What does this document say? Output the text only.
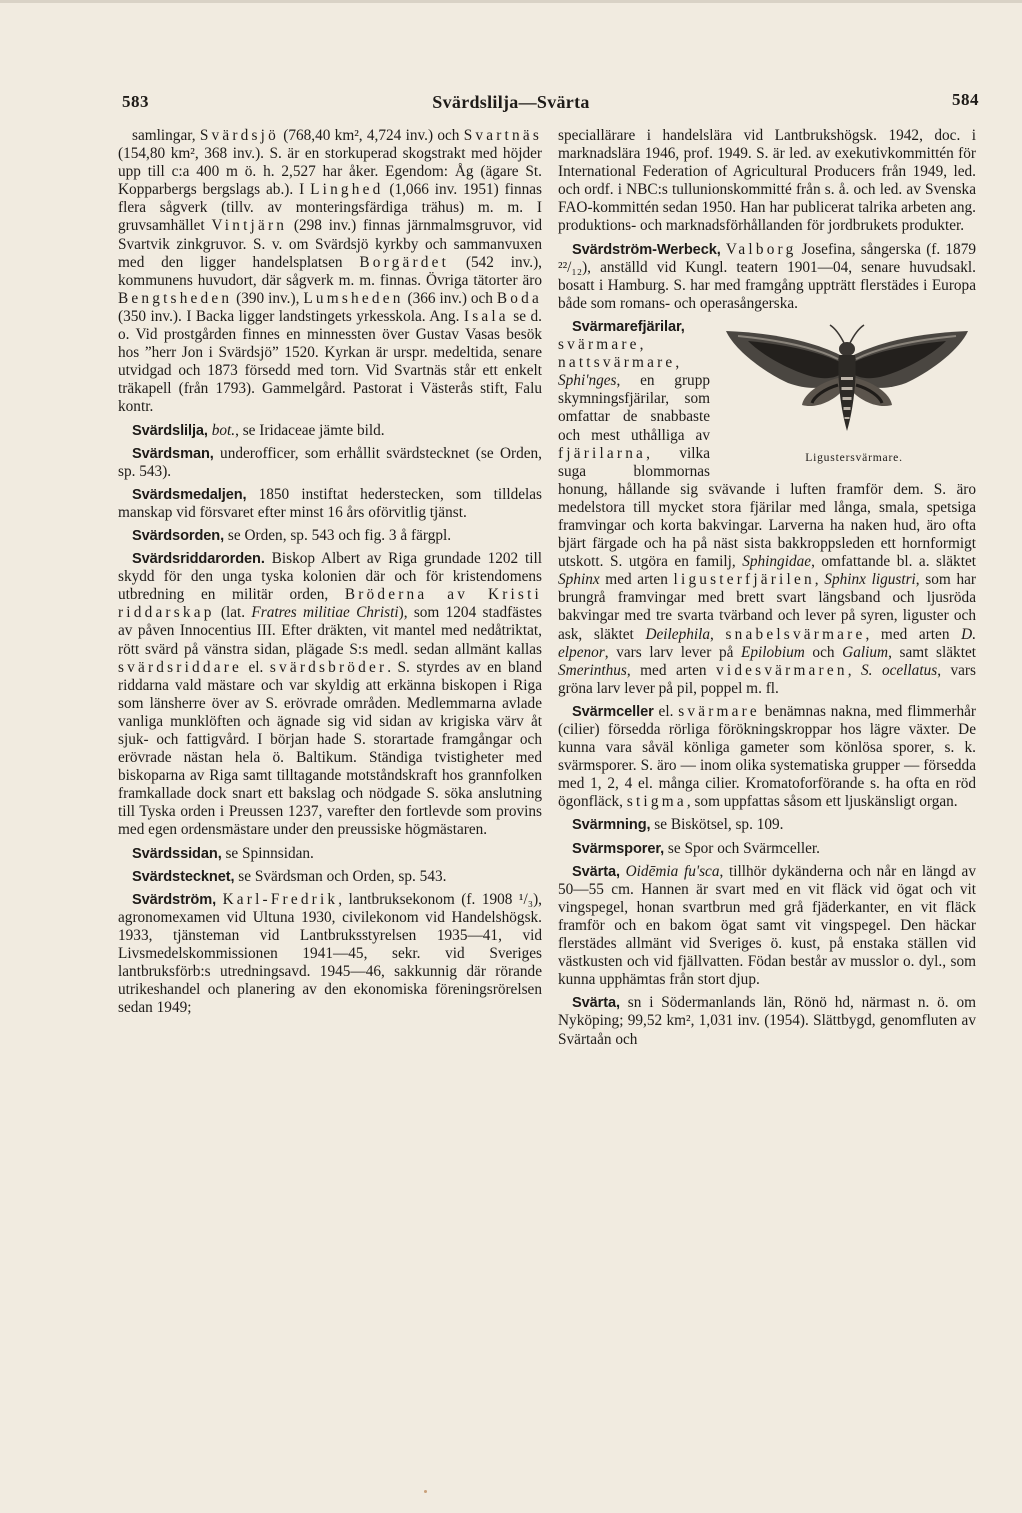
583	Svärdslilja—Svärta	584

samlingar, Svärdsjö (768,40 km², 4,724 inv.) och Svartnäs (154,80 km², 368 inv.). S. är en storkuperad skogstrakt med höjder upp till c:a 400 m ö. h. 2,527 har åker. Egendom: Åg (ägare St. Kopparbergs bergslags ab.). I Linghed (1,066 inv. 1951) finnas flera sågverk (tillv. av monteringsfärdiga trähus) m. m. I gruvsamhället Vintjärn (298 inv.) finnas järnmalmsgruvor, vid Svartvik zinkgruvor. S. v. om Svärdsjö kyrkby och sammanvuxen med den ligger handelsplatsen Borgärdet (542 inv.), kommunens huvudort, där sågverk m. m. finnas. Övriga tätorter äro Bengtsheden (390 inv.), Lumsheden (366 inv.) och Boda (350 inv.). I Backa ligger landstingets yrkesskola. Ang. Isala se d. o. Vid prostgården finnes en minnessten över Gustav Vasas besök hos ”herr Jon i Svärdsjö” 1520. Kyrkan är urspr. medeltida, senare utvidgad och 1873 försedd med torn. Vid Svartnäs står ett enkelt träkapell (från 1793). Gammelgård. Pastorat i Västerås stift, Falu kontr.

Svärdslilja, bot., se Iridaceae jämte bild.

Svärdsman, underofficer, som erhållit svärdstecknet (se Orden, sp. 543).

Svärdsmedaljen, 1850 instiftat hederstecken, som tilldelas manskap vid försvaret efter minst 16 års oförvitlig tjänst.

Svärdsorden, se Orden, sp. 543 och fig. 3 å färgpl.

Svärdsriddarorden. Biskop Albert av Riga grundade 1202 till skydd för den unga tyska kolonien där och för kristendomens utbredning en militär orden, Bröderna av Kristi riddarskap (lat. Fratres militiae Christi), som 1204 stadfästes av påven Innocentius III. Efter dräkten, vit mantel med nedåtriktat, rött svärd på vänstra sidan, plägade S:s medl. sedan allmänt kallas svärdsriddare el. svärdsbröder. S. styrdes av en bland riddarna vald mästare och var skyldig att erkänna biskopen i Riga som länsherre över av S. erövrade områden. Medlemmarna avlade vanliga munklöften och ägnade sig vid sidan av krigiska värv åt sjuk- och fattigvård. I början hade S. storartade framgångar och erövrade nästan hela ö. Baltikum. Ständiga tvistigheter med biskoparna av Riga samt tilltagande motståndskraft hos grannfolken framkallade dock snart ett bakslag och nödgade S. söka anslutning till Tyska orden i Preussen 1237, varefter den fortlevde som provins med egen ordensmästare under den preussiske högmästaren.

Svärdssidan, se Spinnsidan.

Svärdstecknet, se Svärdsman och Orden, sp. 543.

Svärdström, Karl-Fredrik, lantbruksekonom (f. 1908 ¹/₃), agronomexamen vid Ultuna 1930, civilekonom vid Handelshögsk. 1933, tjänsteman vid Lantbruksstyrelsen 1935—41, vid Livsmedelskommissionen 1941—45, sekr. vid Sveriges lantbruksförb:s utredningsavd. 1945—46, sakkunnig där rörande utrikeshandel och planering av den ekonomiska föreningsrörelsen sedan 1949;

speciallärare i handelslära vid Lantbrukshögsk. 1942, doc. i marknadslära 1946, prof. 1949. S. är led. av exekutivkommittén för International Federation of Agricultural Producers från 1949, led. och ordf. i NBC:s tullunionskommitté från s. å. och led. av Svenska FAO-kommittén sedan 1950. Han har publicerat talrika arbeten ang. produktions- och marknadsförhållanden för jordbrukets produkter.

Svärdström-Werbeck, Valborg Josefina, sångerska (f. 1879 ²²/₁₂), anställd vid Kungl. teatern 1901—04, senare huvudsakl. bosatt i Hamburg. S. har med framgång uppträtt flerstädes i Europa både som romans- och operasångerska.

Ligustersvärmare.
Svärmarefjärilar, svärmare, nattsvärmare, Sphi'nges, en grupp skymningsfjärilar, som omfattar de snabbaste och mest uthålliga av fjärilarna, vilka suga blommornas honung, hållande sig svävande i luften framför dem. S. äro medelstora till mycket stora fjärilar med långa, smala, spetsiga framvingar och korta bakvingar. Larverna ha naken hud, äro ofta bjärt färgade och ha på näst sista bakkroppsleden ett hornformigt utskott. S. utgöra en familj, Sphingidae, omfattande bl. a. släktet Sphinx med arten ligusterfjärilen, Sphinx ligustri, som har brungrå framvingar med brett svart längsband och ljusröda bakvingar med tre svarta tvärband och lever på syren, liguster och ask, släktet Deilephila, snabelsvärmare, med arten D. elpenor, vars larv lever på Epilobium och Galium, samt släktet Smerinthus, med arten videsvärmaren, S. ocellatus, vars gröna larv lever på pil, poppel m. fl.

Svärmceller el. svärmare benämnas nakna, med flimmerhår (cilier) försedda rörliga förökningskroppar hos lägre växter. De kunna vara såväl könliga gameter som könlösa sporer, s. k. svärmsporer. S. äro — inom olika systematiska grupper — försedda med 1, 2, 4 el. många cilier. Kromatoforförande s. ha ofta en röd ögonfläck, stigma, som uppfattas såsom ett ljuskänsligt organ.

Svärmning, se Biskötsel, sp. 109.

Svärmsporer, se Spor och Svärmceller.

Svärta, Oidēmia fu'sca, tillhör dykänderna och når en längd av 50—55 cm. Hannen är svart med en vit fläck vid ögat och vit vingspegel, honan svartbrun med grå fjäderkanter, en vit fläck framför och en bakom ögat samt vit vingspegel. Den häckar flerstädes allmänt vid Sveriges ö. kust, på enstaka ställen vid västkusten och vid fjällvatten. Födan består av musslor o. dyl., som kunna upphämtas från stort djup.

Svärta, sn i Södermanlands län, Rönö hd, närmast n. ö. om Nyköping; 99,52 km², 1,031 inv. (1954). Slättbygd, genomfluten av Svärtaån och
